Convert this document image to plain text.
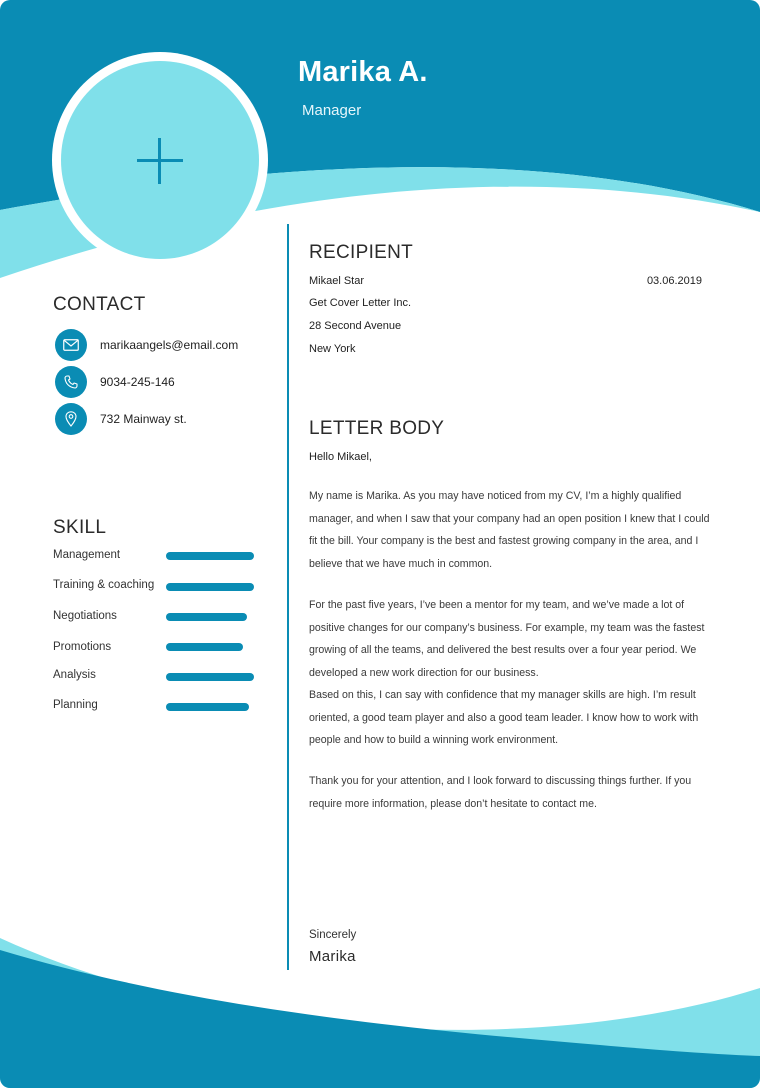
Marika A.
Manager
CONTACT
marikaangels@email.com
9034-245-146
732 Mainway st.
SKILL
Management
Training & coaching
Negotiations
Promotions
Analysis
Planning
RECIPIENT
Mikael Star	03.06.2019
Get Cover Letter Inc.
28 Second Avenue
New York
LETTER BODY
Hello Mikael,

My name is Marika. As you may have noticed from my CV, I’m a highly qualified manager, and when I saw that your company had an open position I knew that I could fit the bill. Your company is the best and fastest growing company in the area, and I believe that we have much in common.

For the past five years, I’ve been a mentor for my team, and we’ve made a lot of positive changes for our company’s business. For example, my team was the fastest growing of all the teams, and delivered the best results over a four year period. We developed a new work direction for our business.

Based on this, I can say with confidence that my manager skills are high. I’m result oriented, a good team player and also a good team leader. I know how to work with people and how to build a winning work environment.

Thank you for your attention, and I look forward to discussing things further. If you require more information, please don’t hesitate to contact me.

Sincerely
Marika
